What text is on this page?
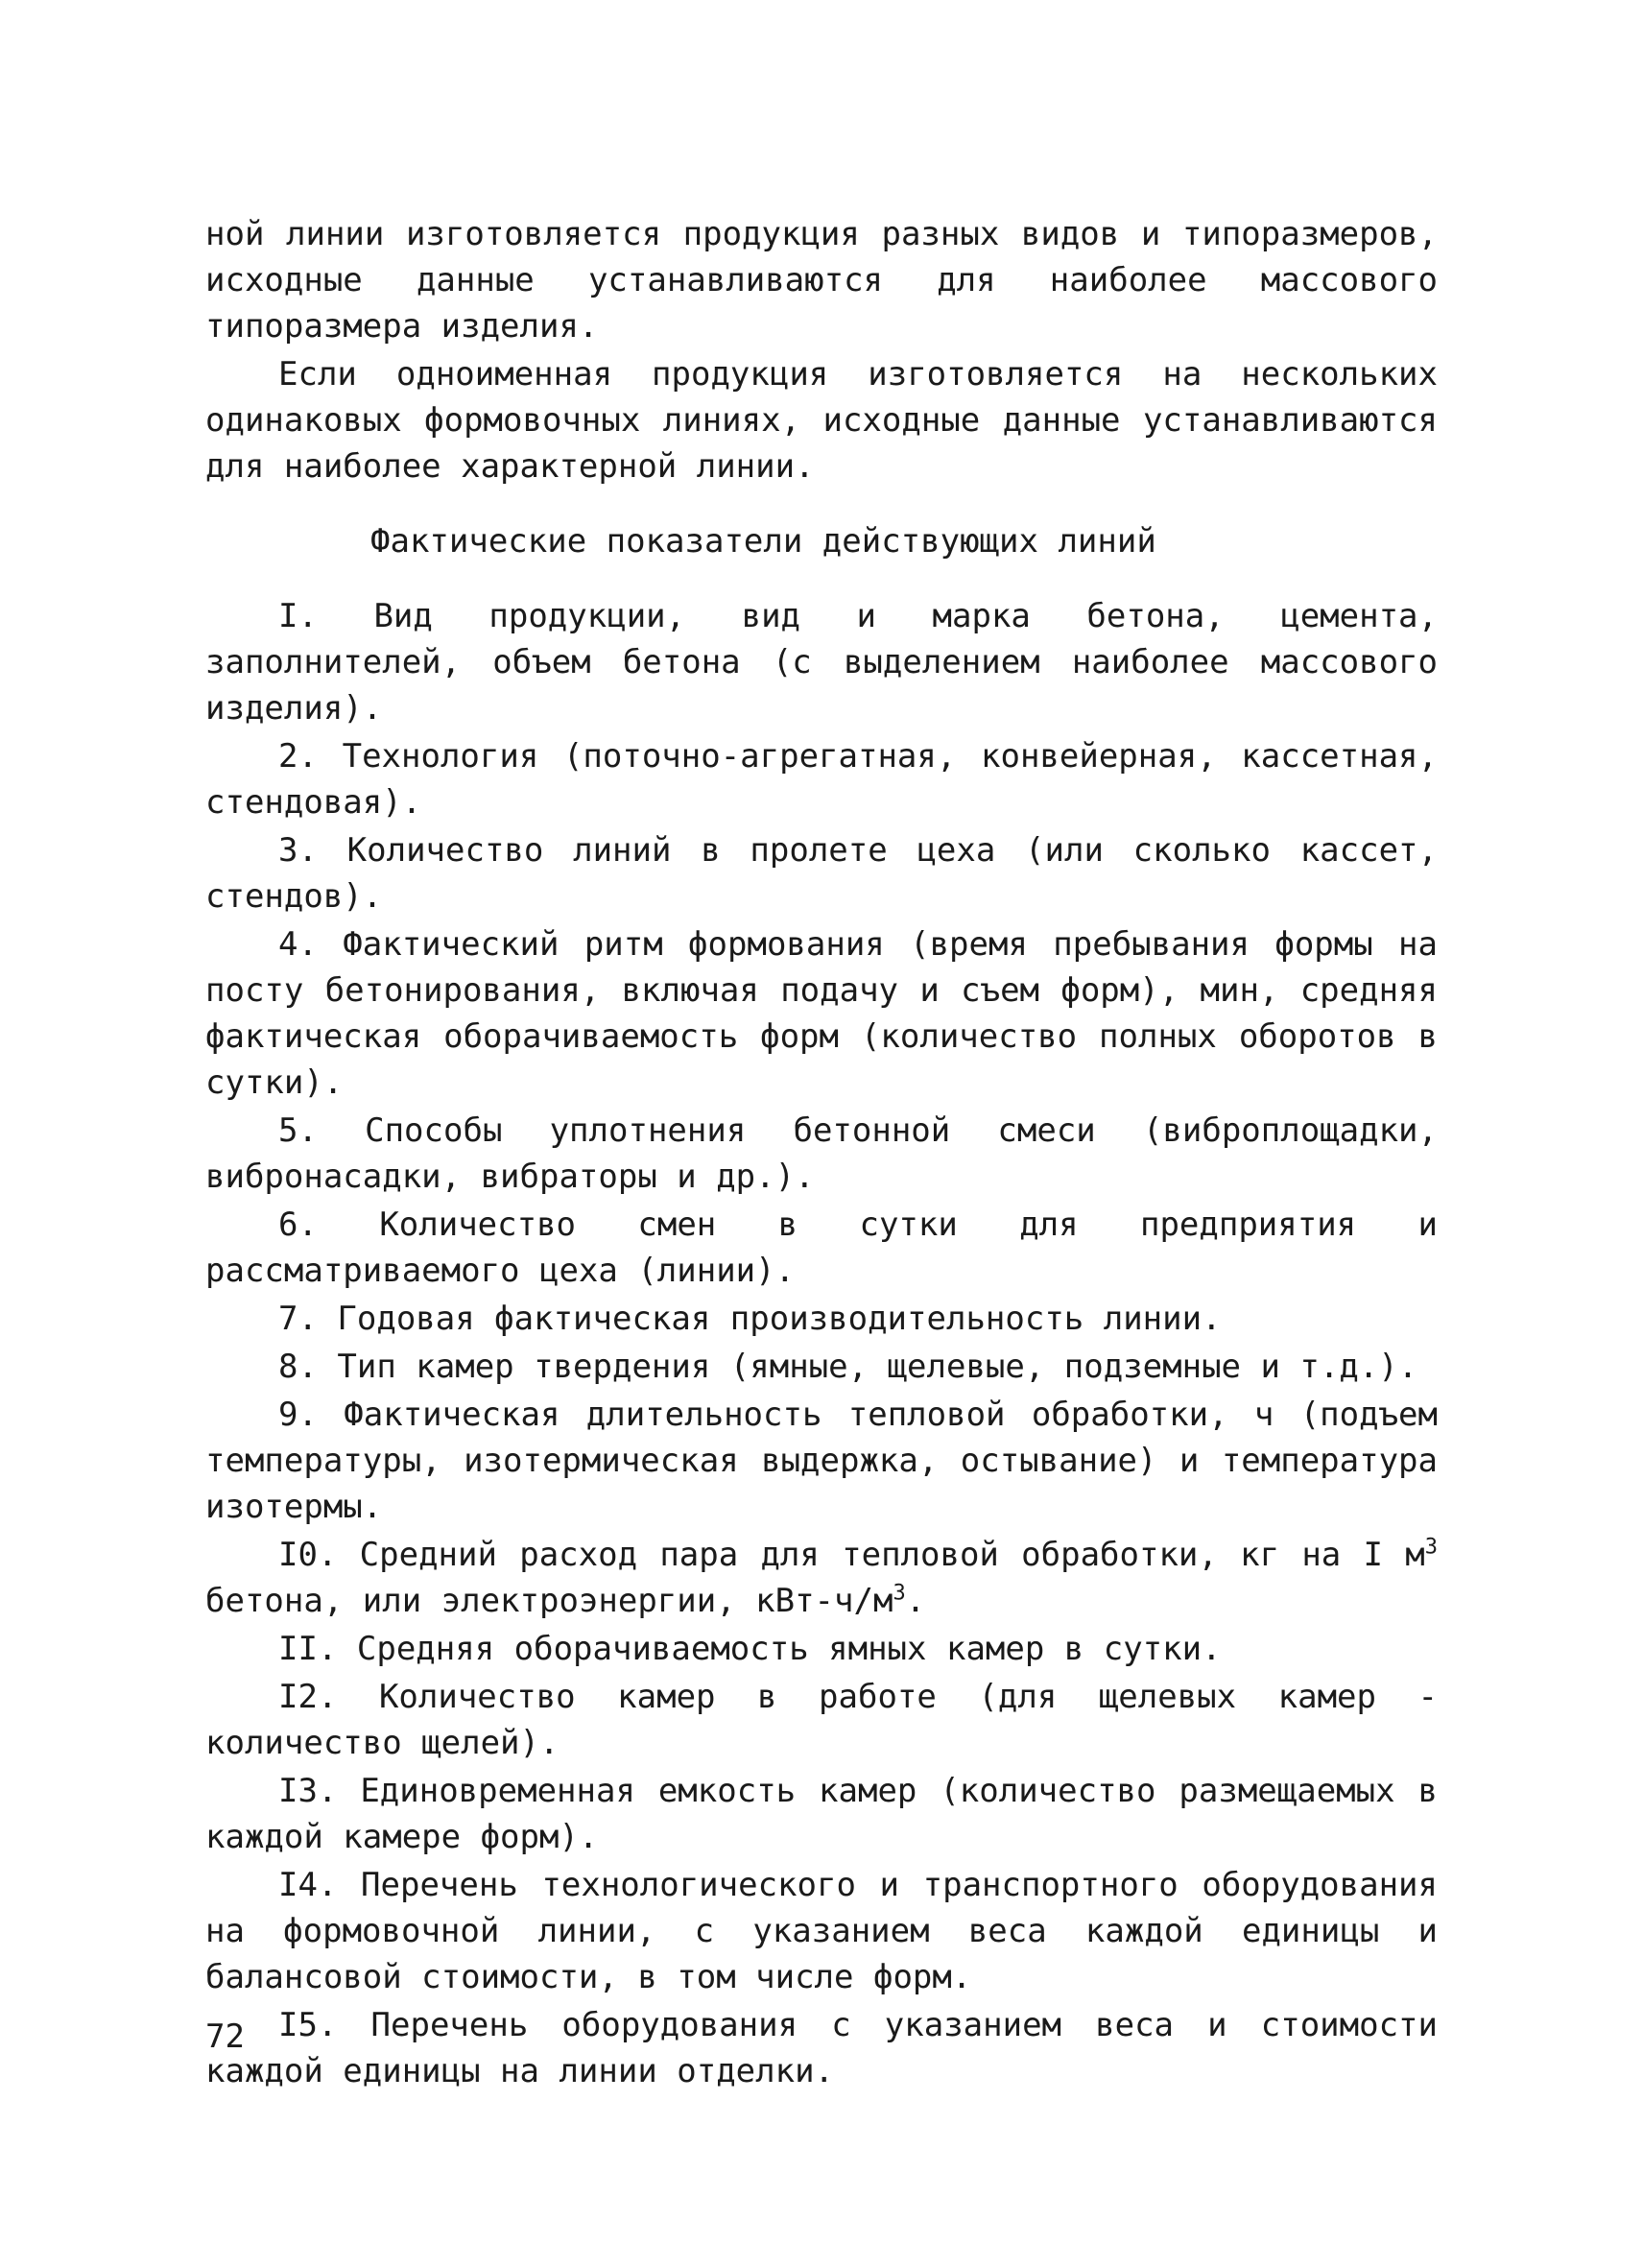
ной линии изготовляется продукция разных видов и типоразмеров, исходные данные устанавливаются для наиболее массового типоразмера изделия.

Если одноименная продукция изготовляется на нескольких одинаковых формовочных линиях, исходные данные устанавливаются для наиболее характерной линии.

Фактические показатели действующих линий

I. Вид продукции, вид и марка бетона, цемента, заполнителей, объем бетона (с выделением наиболее массового изделия).

2. Технология (поточно-агрегатная, конвейерная, кассетная, стендовая).

3. Количество линий в пролете цеха (или сколько кассет, стендов).

4. Фактический ритм формования (время пребывания формы на посту бетонирования, включая подачу и съем форм), мин, средняя фактическая оборачиваемость форм (количество полных оборотов в сутки).

5. Способы уплотнения бетонной смеси (виброплощадки, вибронасадки, вибраторы и др.).

6. Количество смен в сутки для предприятия и рассматриваемого цеха (линии).

7. Годовая фактическая производительность линии.

8. Тип камер твердения (ямные, щелевые, подземные и т.д.).

9. Фактическая длительность тепловой обработки, ч (подъем температуры, изотермическая выдержка, остывание) и температура изотермы.

I0. Средний расход пара для тепловой обработки, кг на I $м^3$ бетона, или электроэнергии, кВт-$ч/м^3$.

II. Средняя оборачиваемость ямных камер в сутки.

I2. Количество камер в работе (для щелевых камер - количество щелей).

I3. Единовременная емкость камер (количество размещаемых в каждой камере форм).

I4. Перечень технологического и транспортного оборудования на формовочной линии, с указанием веса каждой единицы и балансовой стоимости, в том числе форм.

I5. Перечень оборудования с указанием веса и стоимости каждой единицы на линии отделки.

72
